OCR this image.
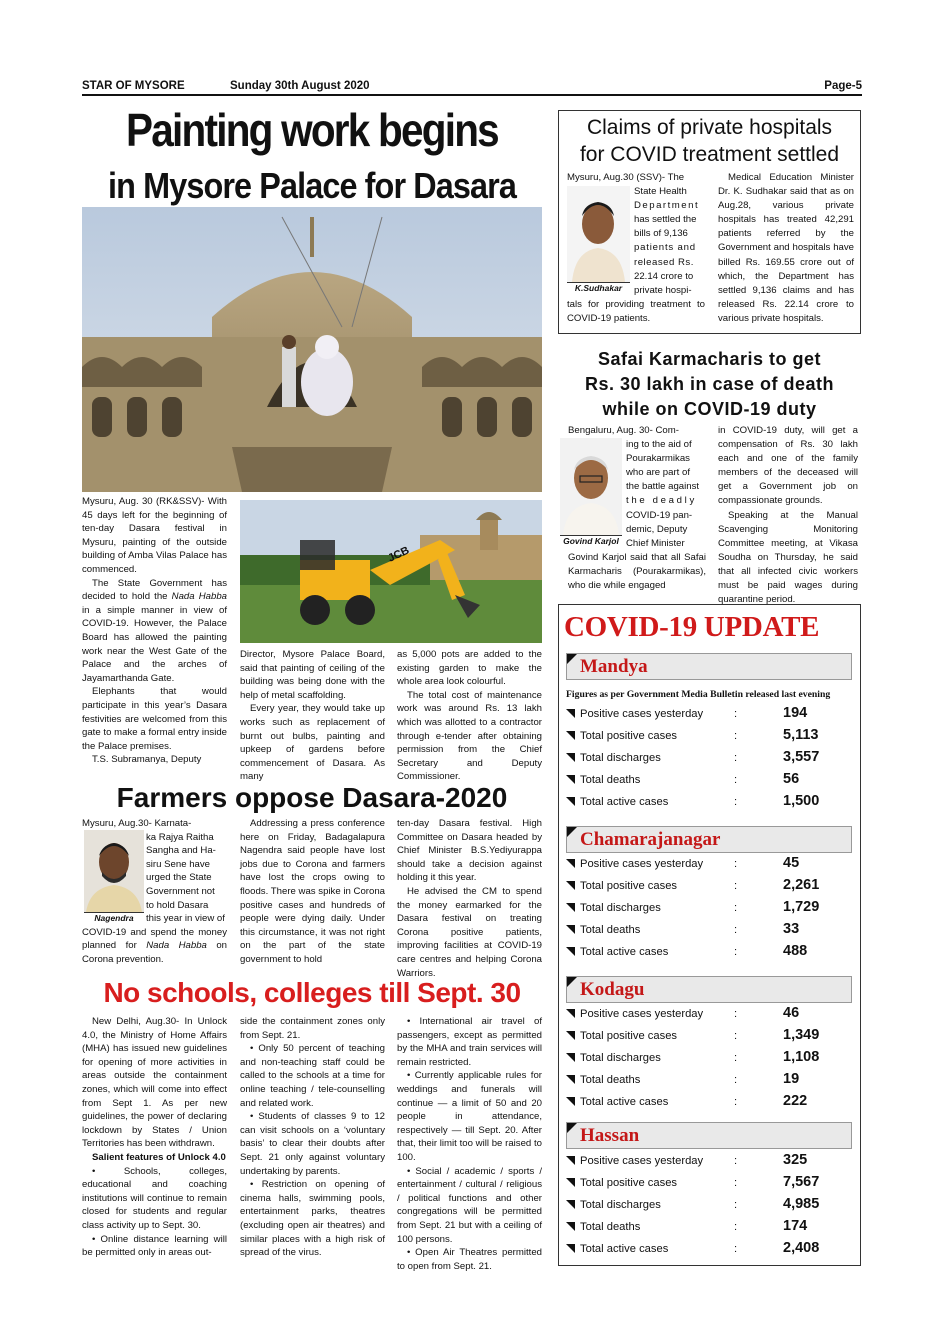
STAR OF MYSORE	Sunday 30th August 2020	Page-5
Painting work begins
in Mysore Palace for Dasara

Mysuru, Aug. 30 (RK&SSV)- With 45 days left for the beginning of ten-day Dasara festival in Mysuru, painting of the outside building of Amba Vilas Palace has commenced.

The State Government has decided to hold the Nada Habba in a simple manner in view of COVID-19. However, the Palace Board has allowed the painting work near the West Gate of the Palace and the arches of Jayamarthanda Gate.

Elephants that would participate in this year’s Dasara festivities are welcomed from this gate to make a formal entry inside the Palace premises.

T.S. Subramanya, Deputy

JCB

Director, Mysore Palace Board, said that painting of ceiling of the building was being done with the help of metal scaffolding.

Every year, they would take up works such as replacement of burnt out bulbs, painting and upkeep of gardens before commencement of Dasara. As many

as 5,000 pots are added to the existing garden to make the whole area look colourful.

The total cost of maintenance work was around Rs. 13 lakh which was allotted to a contractor through e-tender after obtaining permission from the Chief Secretary and Deputy Commissioner.

Claims of private hospitals
for COVID treatment settled
K.Sudhakar
Mysuru, Aug.30 (SSV)- The
State Health
Department
has settled the
bills of 9,136
patients and
released Rs.
22.14 crore to
private hospi-
tals for providing treatment to COVID-19 patients.

Medical Education Minister Dr. K. Sudhakar said that as on Aug.28, various private hospitals has treated 42,291 patients referred by the Government and hospitals have billed Rs. 169.55 crore out of which, the Department has settled 9,136 claims and has released Rs. 22.14 crore to various private hospitals.

Safai Karmacharis to get
Rs. 30 lakh in case of death
while on COVID-19 duty
Govind Karjol
Bengaluru, Aug. 30- Com-
ing to the aid of
Pourakarmikas
who are part of
the battle against
t h e   d e a d l y
COVID-19 pan-
demic, Deputy
Chief Minister
Govind Karjol said that all Safai Karmacharis (Pourakarmikas), who die while engaged

in COVID-19 duty, will get a compensation of Rs. 30 lakh each and one of the family members of the deceased will get a Government job on compassionate grounds.

Speaking at the Manual Scavenging Monitoring Committee meeting, at Vikasa Soudha on Thursday, he said that all infected civic workers must be paid wages during quarantine period.

Farmers oppose Dasara-2020
Nagendra
Mysuru, Aug.30- Karnata-
ka Rajya Raitha
Sangha and Ha-
siru Sene have
urged the State
Government not
to hold Dasara
this year in view of
COVID-19 and spend the money planned for Nada Habba on Corona prevention.

Addressing a press conference here on Friday, Badagalapura Nagendra said people have lost jobs due to Corona and farmers have lost the crops owing to floods. There was spike in Corona positive cases and hundreds of people were dying daily. Under this circumstance, it was not right on the part of the state government to hold

ten-day Dasara festival. High Committee on Dasara headed by Chief Minister B.S.Yediyurappa should take a decision against holding it this year.

He advised the CM to spend the money earmarked for the Dasara festival on treating Corona positive patients, improving facilities at COVID-19 care centres and helping Corona Warriors.

No schools, colleges till Sept. 30

New Delhi, Aug.30- In Unlock 4.0, the Ministry of Home Affairs (MHA) has issued new guidelines for opening of more activities in areas outside the containment zones, which will come into effect from Sept 1. As per new guidelines, the power of declaring lockdown by States / Union Territories has been withdrawn.

Salient features of Unlock 4.0

• Schools, colleges, educational and coaching institutions will continue to remain closed for students and regular class activity up to Sept. 30.

• Online distance learning will be permitted only in areas out-

side the containment zones only from Sept. 21.

• Only 50 percent of teaching and non-teaching staff could be called to the schools at a time for online teaching / tele-counselling and related work.

• Students of classes 9 to 12 can visit schools on a ‘voluntary basis’ to clear their doubts after Sept. 21 only against voluntary undertaking by parents.

• Restriction on opening of cinema halls, swimming pools, entertainment parks, theatres (excluding open air theatres) and similar places with a high risk of spread of the virus.

• International air travel of passengers, except as permitted by the MHA and train services will remain restricted.

• Currently applicable rules for weddings and funerals will continue — a limit of 50 and 20 people in attendance, respectively — till Sept. 20. After that, their limit too will be raised to 100.

• Social / academic / sports / entertainment / cultural / religious / political functions and other congregations will be permitted from Sept. 21 but with a ceiling of 100 persons.

• Open Air Theatres permitted to open from Sept. 21.

COVID-19 UPDATE
Figures as per Government Media Bulletin released last evening
Mandya
Positive cases yesterday	:	194
Total positive cases	:	5,113
Total discharges	:	3,557
Total deaths	:	56
Total active cases	:	1,500
Chamarajanagar
Positive cases yesterday	:	45
Total positive cases	:	2,261
Total discharges	:	1,729
Total deaths	:	33
Total active cases	:	488
Kodagu
Positive cases yesterday	:	46
Total positive cases	:	1,349
Total discharges	:	1,108
Total deaths	:	19
Total active cases	:	222
Hassan
Positive cases yesterday	:	325
Total positive cases	:	7,567
Total discharges	:	4,985
Total deaths	:	174
Total active cases	:	2,408
